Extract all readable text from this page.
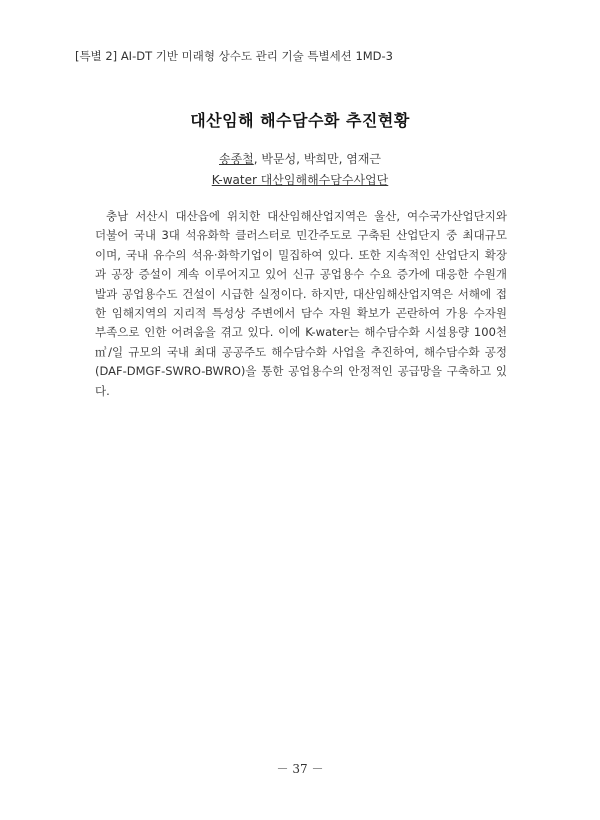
[특별 2] AI-DT 기반 미래형 상수도 관리 기술 특별세션 1MD-3
대산임해 해수담수화 추진현황
송종철, 박문성, 박희만, 염재근
K-water 대산임해해수담수사업단
충남 서산시 대산읍에 위치한 대산임해산업지역은 울산, 여수국가산업단지와
더불어 국내 3대 석유화학 클러스터로 민간주도로 구축된 산업단지 중 최대규모
이며, 국내 유수의 석유·화학기업이 밀집하여 있다. 또한 지속적인 산업단지 확장
과 공장 증설이 계속 이루어지고 있어 신규 공업용수 수요 증가에 대응한 수원개
발과 공업용수도 건설이 시급한 실정이다. 하지만, 대산임해산업지역은 서해에 접
한 임해지역의 지리적 특성상 주변에서 담수 자원 확보가 곤란하여 가용 수자원
부족으로 인한 어려움을 겪고 있다. 이에 K-water는 해수담수화 시설용량 100천
㎥/일 규모의 국내 최대 공공주도 해수담수화 사업을 추진하여, 해수담수화 공정
(DAF-DMGF-SWRO-BWRO)을 통한 공업용수의 안정적인 공급망을 구축하고 있
다.
－ 37 －
